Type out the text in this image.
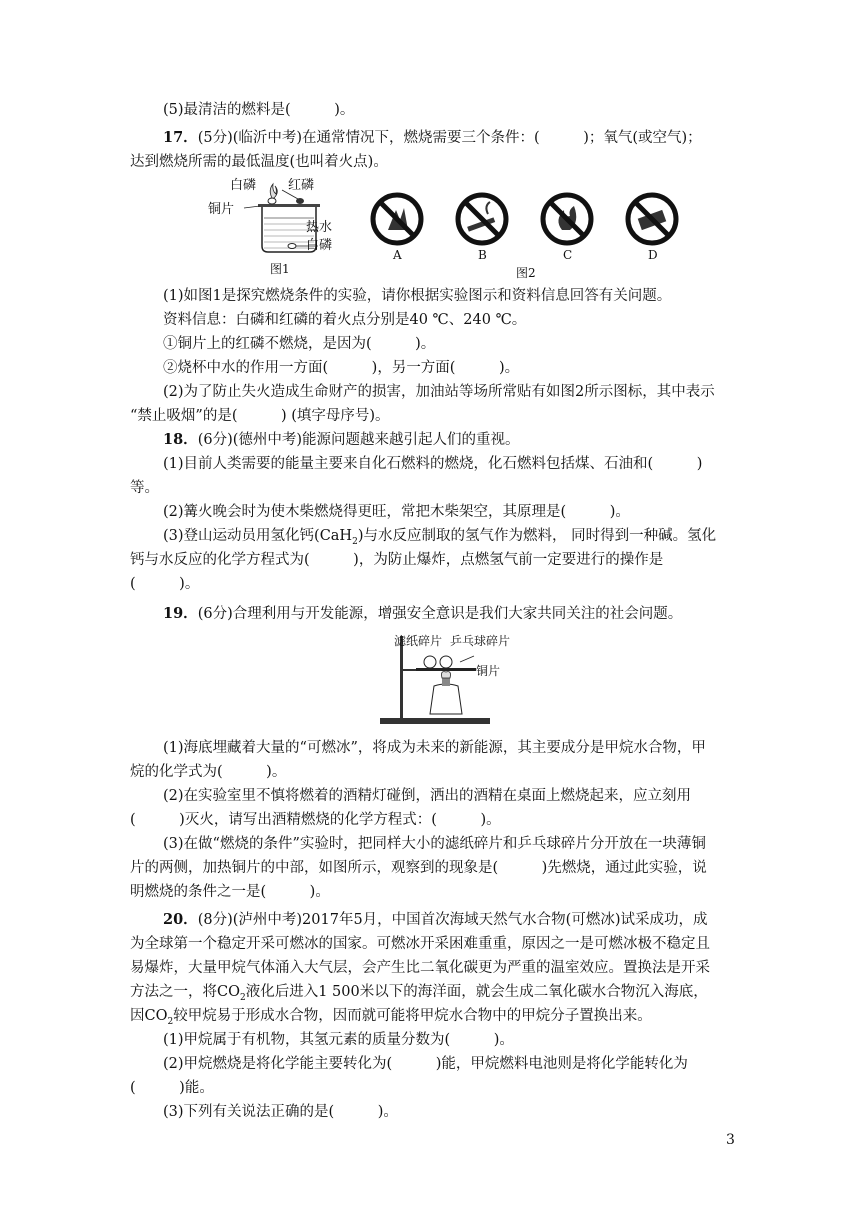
(5)最清洁的燃料是(　　　)。
17．(5分)(临沂中考)在通常情况下，燃烧需要三个条件：(　　　)；氧气(或空气)；
达到燃烧所需的最低温度(也叫着火点)。
白磷 红磷
铜片
热水
白磷
图1
A	B	C	D
图2
(1)如图1是探究燃烧条件的实验，请你根据实验图示和资料信息回答有关问题。
资料信息：白磷和红磷的着火点分别是40 ℃、240 ℃。
①铜片上的红磷不燃烧，是因为(　　　)。
②烧杯中水的作用一方面(　　　)，另一方面(　　　)。
(2)为了防止失火造成生命财产的损害，加油站等场所常贴有如图2所示图标，其中表示
“禁止吸烟”的是(　　　) (填字母序号)。
18．(6分)(德州中考)能源问题越来越引起人们的重视。
(1)目前人类需要的能量主要来自化石燃料的燃烧，化石燃料包括煤、石油和(　　　)
等。
(2)篝火晚会时为使木柴燃烧得更旺，常把木柴架空，其原理是(　　　)。
(3)登山运动员用氢化钙(CaH$_2$)与水反应制取的氢气作为燃料， 同时得到一种碱。氢化
钙与水反应的化学方程式为(　　　)，为防止爆炸，点燃氢气前一定要进行的操作是
(　　　)。
19．(6分)合理利用与开发能源，增强安全意识是我们大家共同关注的社会问题。
滤纸碎片 乒乓球碎片
铜片
(1)海底埋藏着大量的“可燃冰”，将成为未来的新能源，其主要成分是甲烷水合物，甲
烷的化学式为(　　　)。
(2)在实验室里不慎将燃着的酒精灯碰倒，洒出的酒精在桌面上燃烧起来，应立刻用
(　　　)灭火，请写出酒精燃烧的化学方程式：(　　　)。
(3)在做“燃烧的条件”实验时，把同样大小的滤纸碎片和乒乓球碎片分开放在一块薄铜
片的两侧，加热铜片的中部，如图所示，观察到的现象是(　　　)先燃烧，通过此实验，说
明燃烧的条件之一是(　　　)。
20．(8分)(泸州中考)2017年5月，中国首次海域天然气水合物(可燃冰)试采成功，成
为全球第一个稳定开采可燃冰的国家。可燃冰开采困难重重，原因之一是可燃冰极不稳定且
易爆炸，大量甲烷气体涌入大气层，会产生比二氧化碳更为严重的温室效应。置换法是开采
方法之一，将$CO_2$液化后进入1 500米以下的海洋面，就会生成二氧化碳水合物沉入海底，
因$CO_2$较甲烷易于形成水合物，因而就可能将甲烷水合物中的甲烷分子置换出来。
(1)甲烷属于有机物，其氢元素的质量分数为(　　　)。
(2)甲烷燃烧是将化学能主要转化为(　　　)能，甲烷燃料电池则是将化学能转化为
(　　　)能。
(3)下列有关说法正确的是(　　　)。
3
